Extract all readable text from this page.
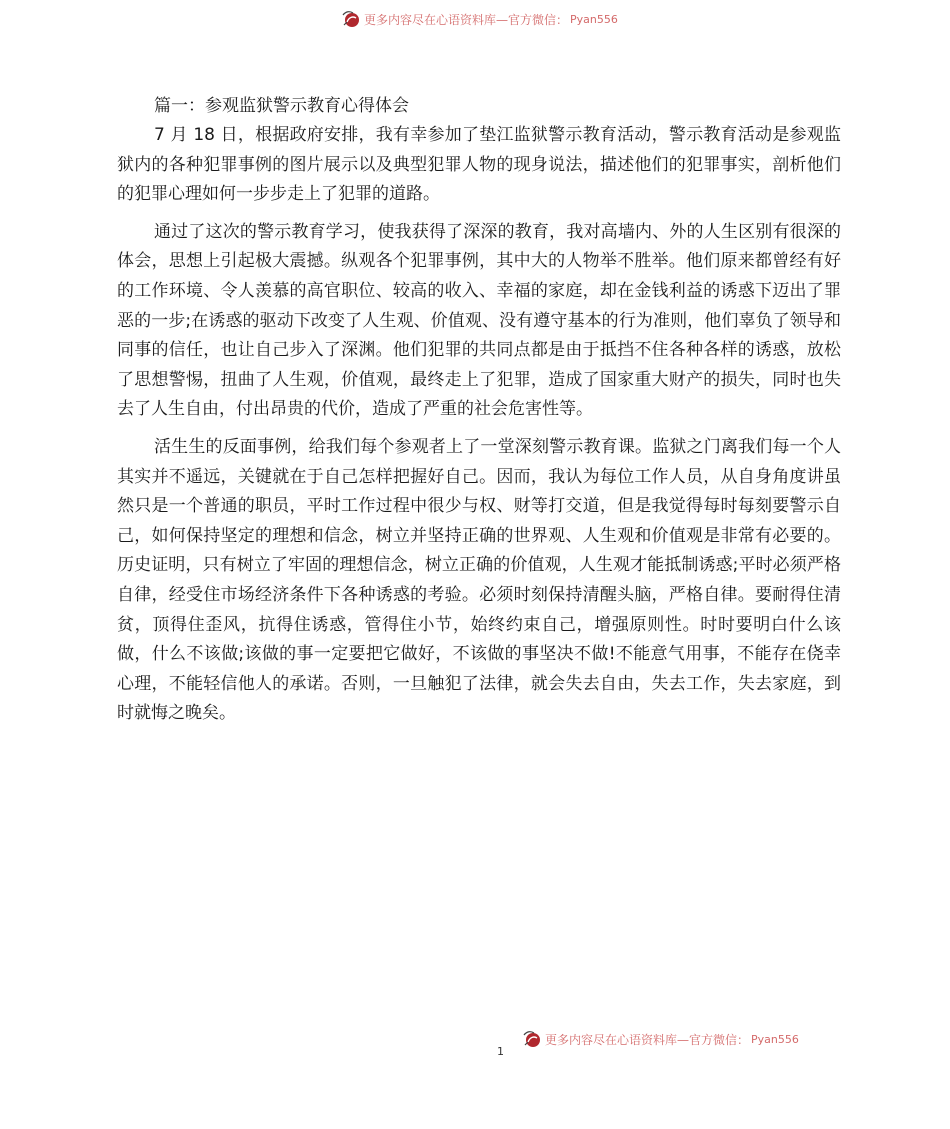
更多内容尽在心语资料库— 官方微信： Pyan556
篇一：参观监狱警示教育心得体会

7 月 18 日，根据政府安排，我有幸参加了垫江监狱警示教育活动，警示教育活动是参观监狱内的各种犯罪事例的图片展示以及典型犯罪人物的现身说法，描述他们的犯罪事实，剖析他们的犯罪心理如何一步步走上了犯罪的道路。

通过了这次的警示教育学习，使我获得了深深的教育，我对高墙内、外的人生区别有很深的体会，思想上引起极大震撼。纵观各个犯罪事例，其中大的人物举不胜举。他们原来都曾经有好的工作环境、令人羡慕的高官职位、较高的收入、幸福的家庭，却在金钱利益的诱惑下迈出了罪恶的一步;在诱惑的驱动下改变了人生观、价值观、没有遵守基本的行为准则，他们辜负了领导和同事的信任，也让自己步入了深渊。他们犯罪的共同点都是由于抵挡不住各种各样的诱惑，放松了思想警惕，扭曲了人生观，价值观，最终走上了犯罪，造成了国家重大财产的损失，同时也失去了人生自由，付出昂贵的代价，造成了严重的社会危害性等。

活生生的反面事例，给我们每个参观者上了一堂深刻警示教育课。监狱之门离我们每一个人其实并不遥远，关键就在于自己怎样把握好自己。因而，我认为每位工作人员，从自身角度讲虽然只是一个普通的职员，平时工作过程中很少与权、财等打交道，但是我觉得每时每刻要警示自己，如何保持坚定的理想和信念，树立并坚持正确的世界观、人生观和价值观是非常有必要的。历史证明，只有树立了牢固的理想信念，树立正确的价值观，人生观才能抵制诱惑;平时必须严格自律，经受住市场经济条件下各种诱惑的考验。必须时刻保持清醒头脑，严格自律。要耐得住清贫，顶得住歪风，抗得住诱惑，管得住小节，始终约束自己，增强原则性。时时要明白什么该做，什么不该做;该做的事一定要把它做好，不该做的事坚决不做!不能意气用事，不能存在侥幸心理，不能轻信他人的承诺。否则，一旦触犯了法律，就会失去自由，失去工作，失去家庭，到时就悔之晚矣。

更多内容尽在心语资料库— 官方微信： Pyan556
1
